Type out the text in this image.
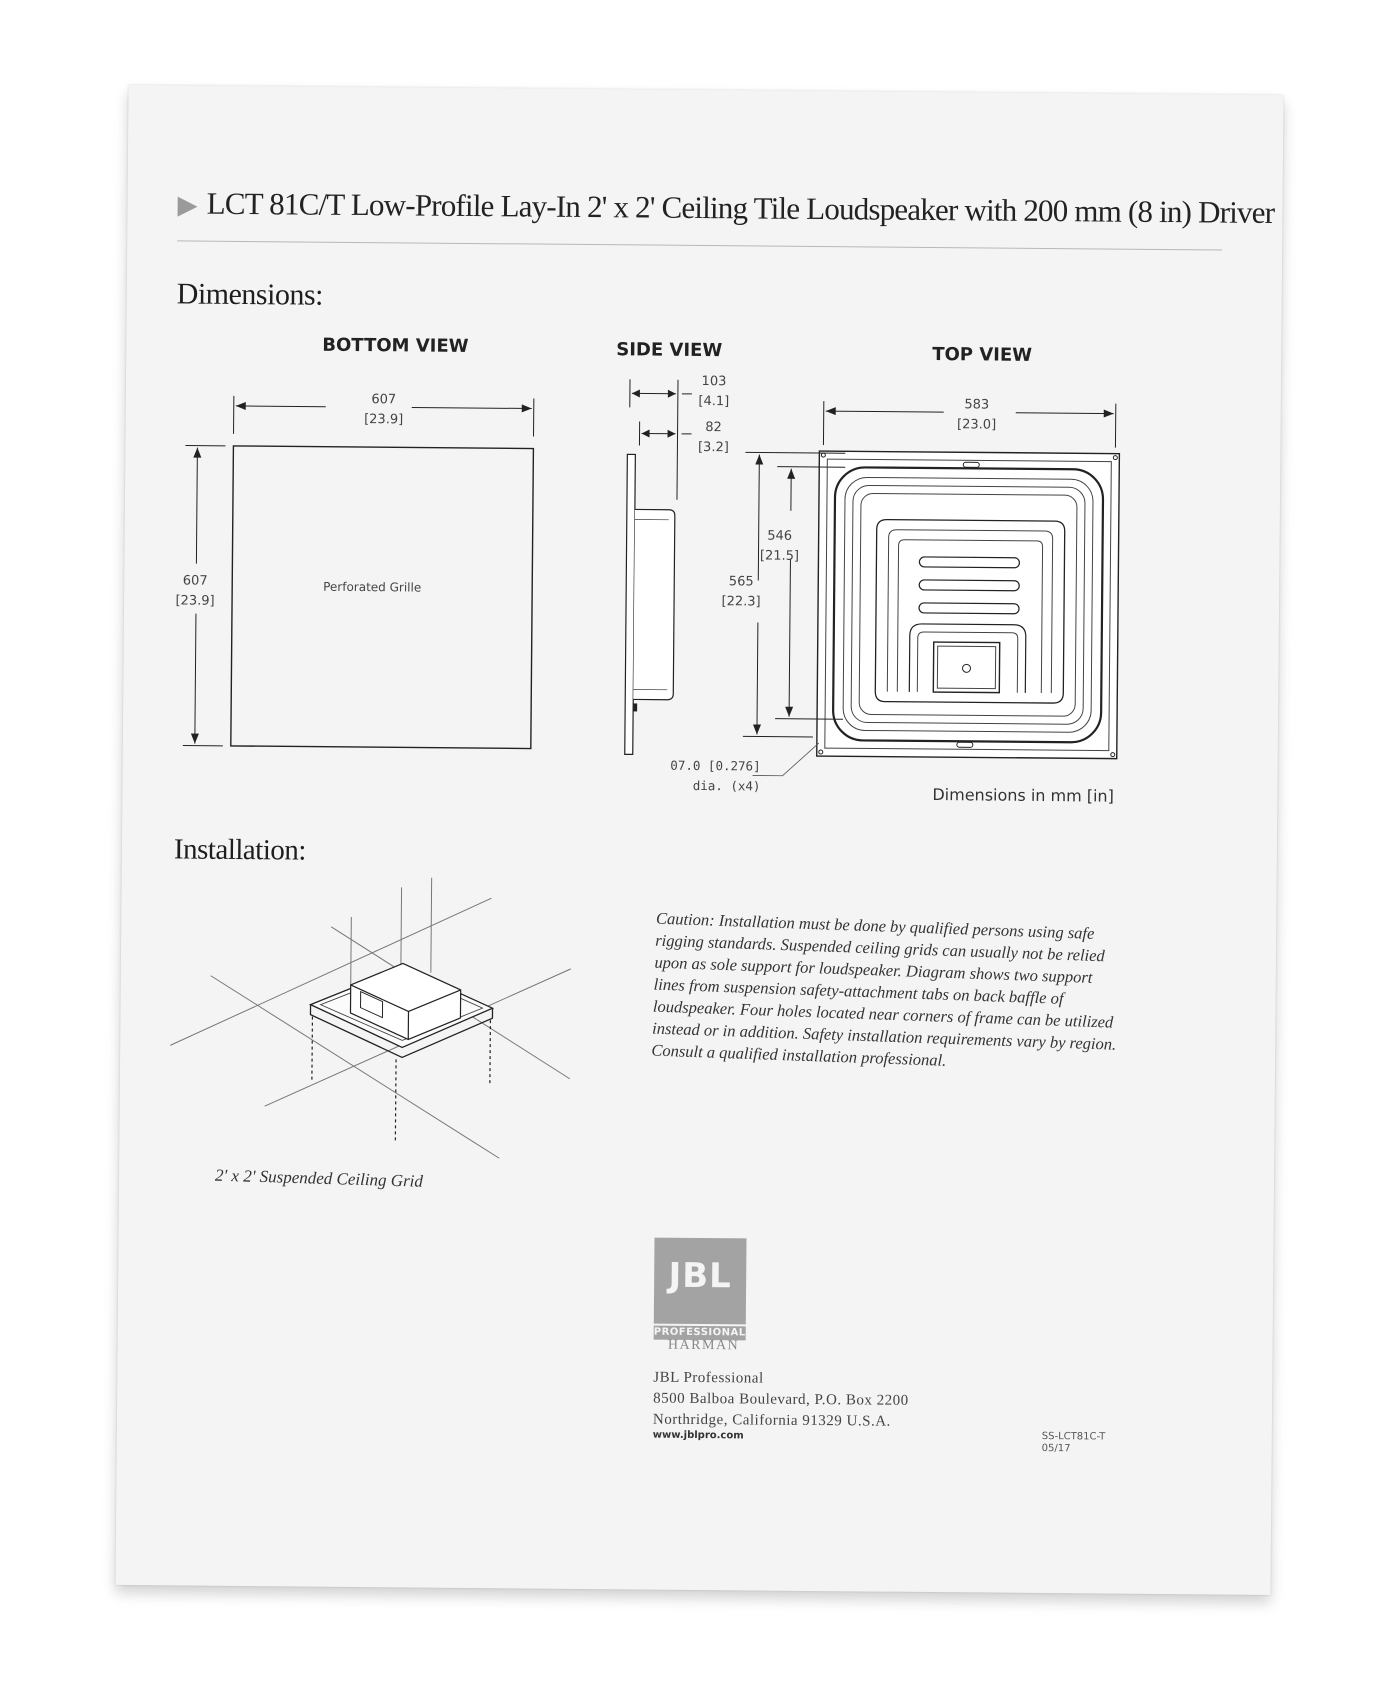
▶ LCT 81C/T Low-Profile Lay-In 2' x 2' Ceiling Tile Loudspeaker with 200 mm (8 in) Driver
Dimensions:
BOTTOM VIEW	SIDE VIEW	TOP VIEW
607
[23.9]
607
[23.9]
Perforated Grille
103
[4.1]
82
[3.2]
546
[21.5]
565
[22.3]
583
[23.0]
07.0 [0.276]
dia. (x4)	Dimensions in mm [in]
Installation:
2' x 2' Suspended Ceiling Grid
Caution: Installation must be done by qualified persons using safe rigging standards. Suspended ceiling grids can usually not be relied upon as sole support for loudspeaker. Diagram shows two support lines from suspension safety-attachment tabs on back baffle of loudspeaker. Four holes located near corners of frame can be utilized instead or in addition. Safety installation requirements vary by region. Consult a qualified installation professional.
JBL
PROFESSIONAL
HARMAN
JBL Professional
8500 Balboa Boulevard, P.O. Box 2200
Northridge, California 91329 U.S.A.
www.jblpro.com	SS-LCT81C-T
05/17
